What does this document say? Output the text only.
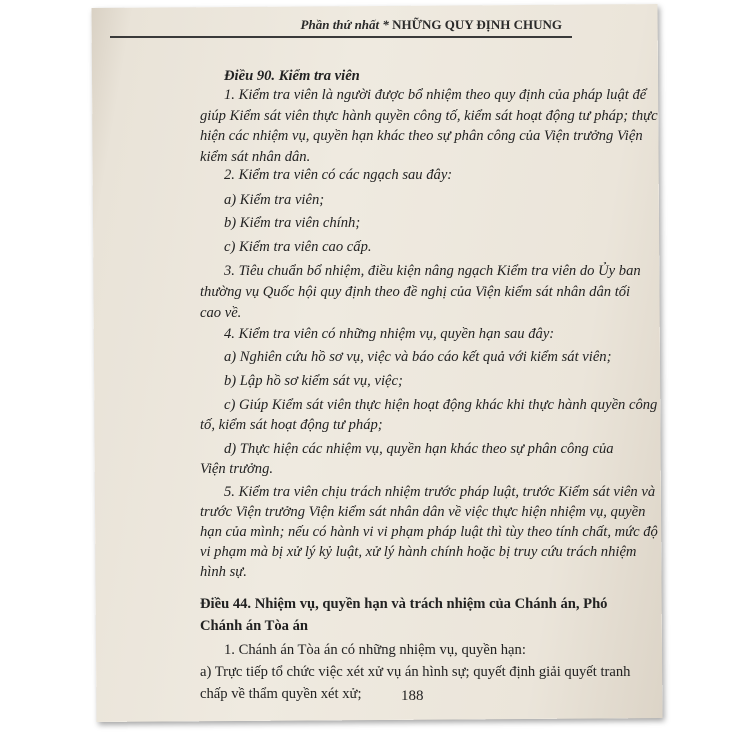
Phần thứ nhất * NHỮNG QUY ĐỊNH CHUNG
Điều 90. Kiểm tra viên
1. Kiểm tra viên là người được bổ nhiệm theo quy định của pháp luật để
giúp Kiểm sát viên thực hành quyền công tố, kiểm sát hoạt động tư pháp; thực
hiện các nhiệm vụ, quyền hạn khác theo sự phân công của Viện trưởng Viện
kiểm sát nhân dân.
2. Kiểm tra viên có các ngạch sau đây:
a) Kiểm tra viên;
b) Kiểm tra viên chính;
c) Kiểm tra viên cao cấp.
3. Tiêu chuẩn bổ nhiệm, điều kiện nâng ngạch Kiểm tra viên do Ủy ban
thường vụ Quốc hội quy định theo đề nghị của Viện kiểm sát nhân dân tối
cao về.
4. Kiểm tra viên có những nhiệm vụ, quyền hạn sau đây:
a) Nghiên cứu hồ sơ vụ, việc và báo cáo kết quả với kiểm sát viên;
b) Lập hồ sơ kiểm sát vụ, việc;
c) Giúp Kiểm sát viên thực hiện hoạt động khác khi thực hành quyền công
tố, kiểm sát hoạt động tư pháp;
d) Thực hiện các nhiệm vụ, quyền hạn khác theo sự phân công của
Viện trưởng.
5. Kiểm tra viên chịu trách nhiệm trước pháp luật, trước Kiểm sát viên và
trước Viện trưởng Viện kiểm sát nhân dân về việc thực hiện nhiệm vụ, quyền
hạn của mình; nếu có hành vi vi phạm pháp luật thì tùy theo tính chất, mức độ
vi phạm mà bị xử lý kỷ luật, xử lý hành chính hoặc bị truy cứu trách nhiệm
hình sự.
Điều 44. Nhiệm vụ, quyền hạn và trách nhiệm của Chánh án, Phó
Chánh án Tòa án
1. Chánh án Tòa án có những nhiệm vụ, quyền hạn:
a) Trực tiếp tổ chức việc xét xử vụ án hình sự; quyết định giải quyết tranh
chấp về thẩm quyền xét xử;	188
